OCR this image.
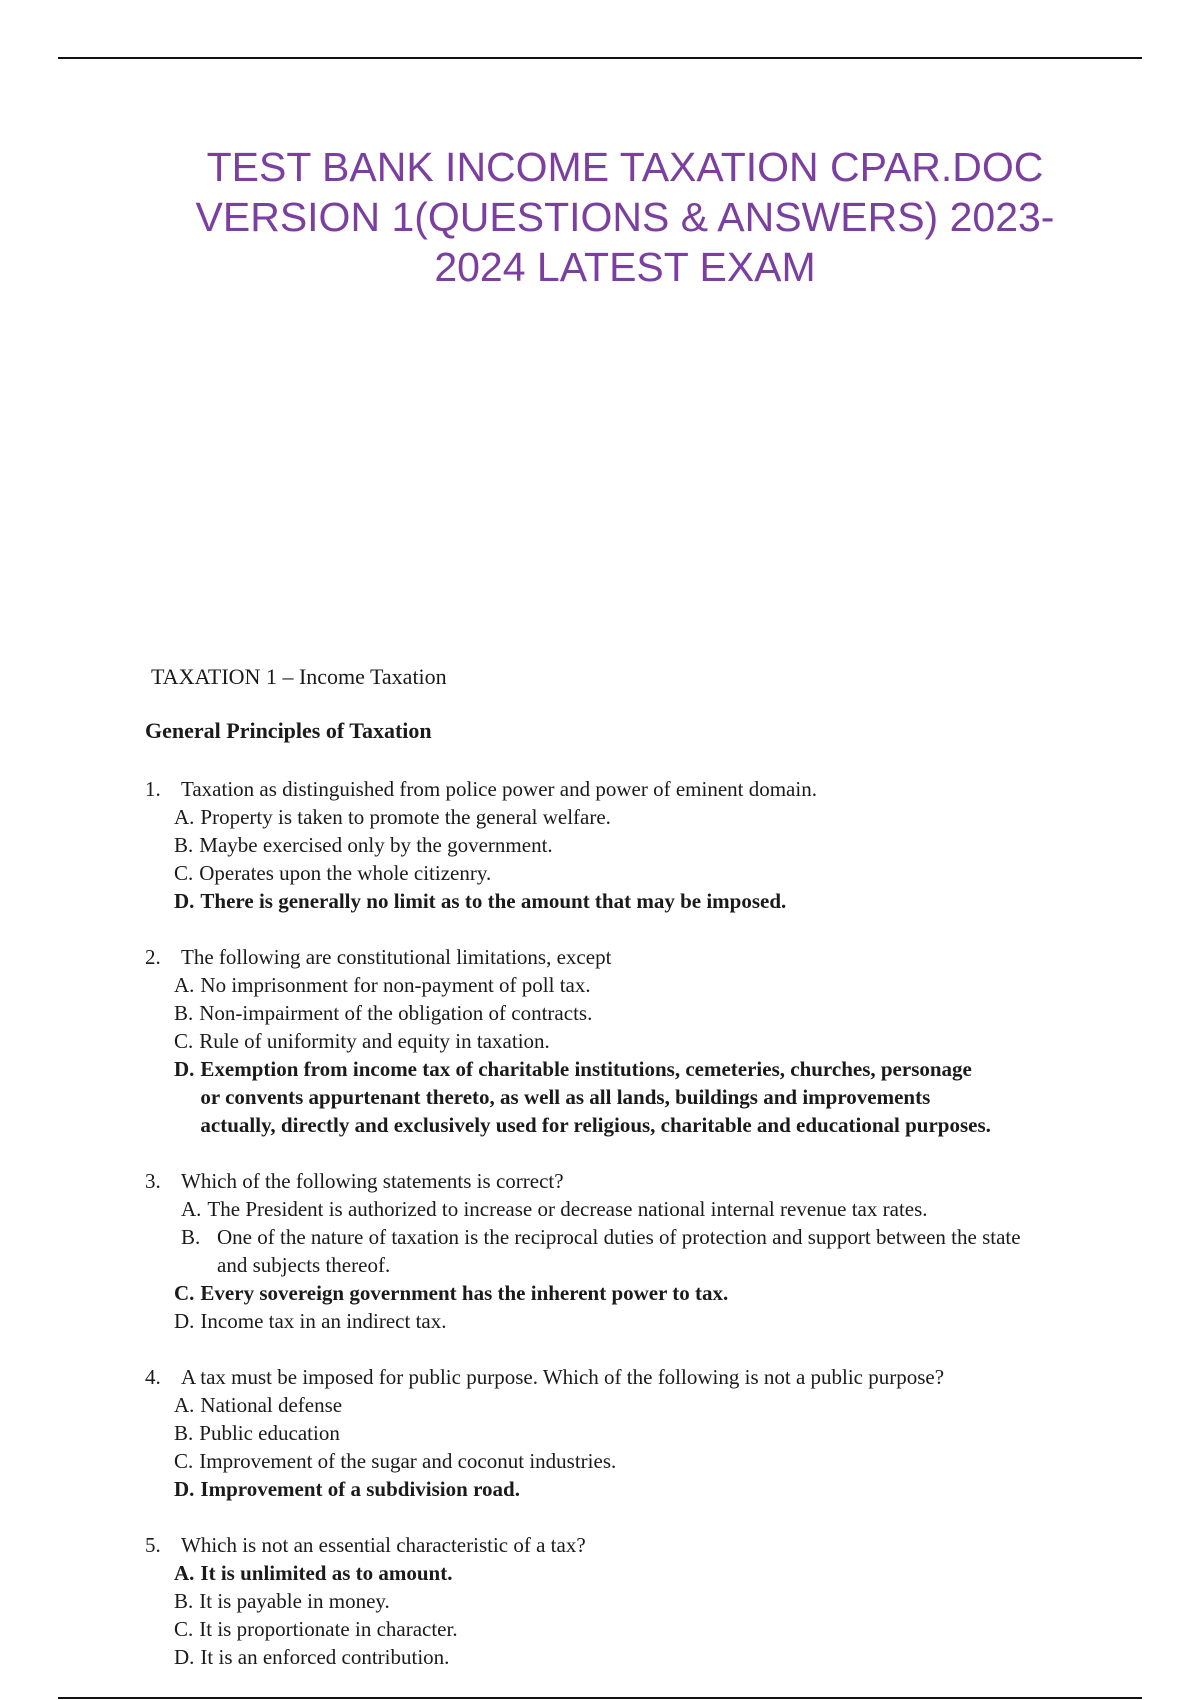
TEST BANK INCOME TAXATION CPAR.DOC
VERSION 1(QUESTIONS & ANSWERS) 2023-
2024 LATEST EXAM
TAXATION 1 – Income Taxation
General Principles of Taxation
1. Taxation as distinguished from police power and power of eminent domain.
A. Property is taken to promote the general welfare.
B. Maybe exercised only by the government.
C. Operates upon the whole citizenry.
D. There is generally no limit as to the amount that may be imposed.
2. The following are constitutional limitations, except
A. No imprisonment for non-payment of poll tax.
B. Non-impairment of the obligation of contracts.
C. Rule of uniformity and equity in taxation.
D. Exemption from income tax of charitable institutions, cemeteries, churches, personage or convents appurtenant thereto, as well as all lands, buildings and improvements actually, directly and exclusively used for religious, charitable and educational purposes.
3. Which of the following statements is correct?
A. The President is authorized to increase or decrease national internal revenue tax rates.
B. One of the nature of taxation is the reciprocal duties of protection and support between the state and subjects thereof.
C. Every sovereign government has the inherent power to tax.
D. Income tax in an indirect tax.
4. A tax must be imposed for public purpose. Which of the following is not a public purpose?
A. National defense
B. Public education
C. Improvement of the sugar and coconut industries.
D. Improvement of a subdivision road.
5. Which is not an essential characteristic of a tax?
A. It is unlimited as to amount.
B. It is payable in money.
C. It is proportionate in character.
D. It is an enforced contribution.
